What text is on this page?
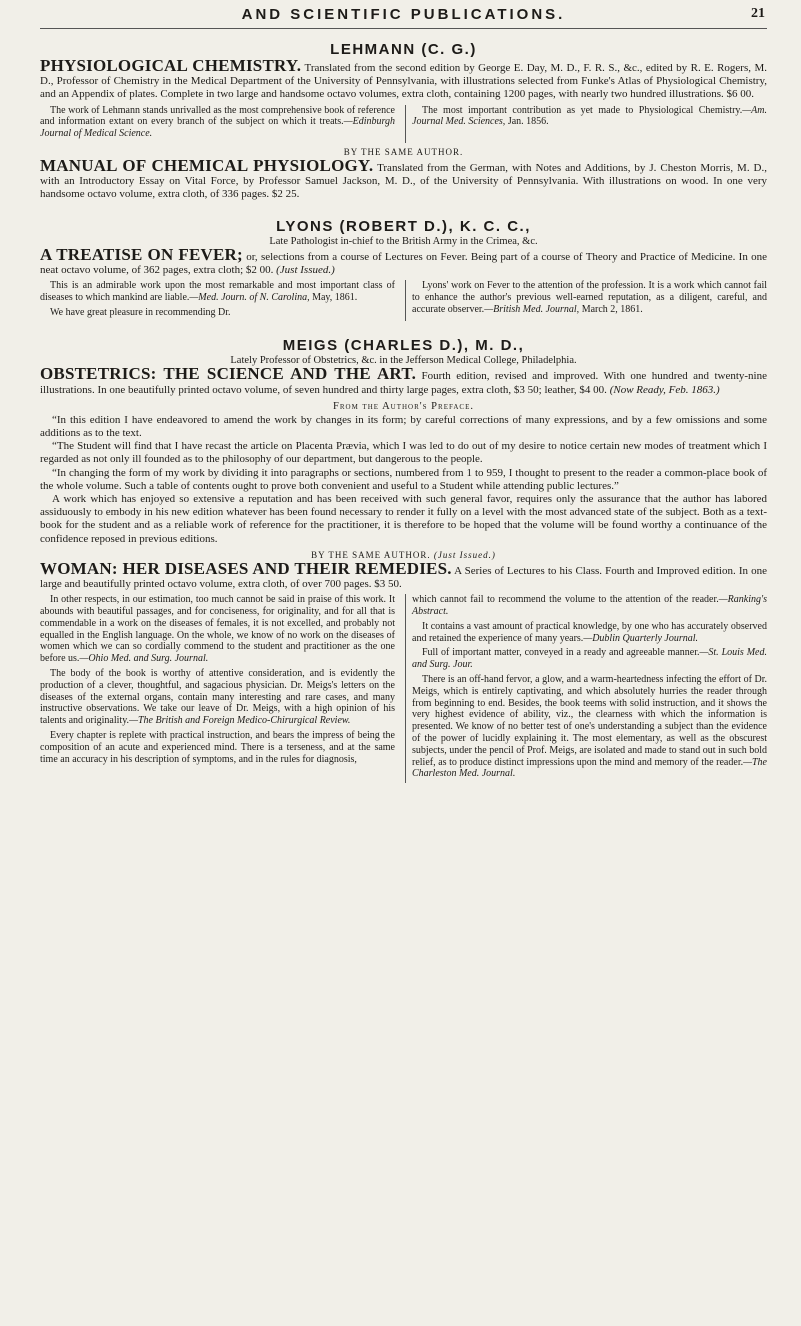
AND SCIENTIFIC PUBLICATIONS.	21
LEHMANN (C. G.)

PHYSIOLOGICAL CHEMISTRY. Translated from the second edition by George E. Day, M. D., F. R. S., &c., edited by R. E. Rogers, M. D., Professor of Chemistry in the Medical Department of the University of Pennsylvania, with illustrations selected from Funke's Atlas of Physiological Chemistry, and an Appendix of plates. Complete in two large and handsome octavo volumes, extra cloth, containing 1200 pages, with nearly two hundred illustrations. $6 00.

The work of Lehmann stands unrivalled as the most comprehensive book of reference and information extant on every branch of the subject on which it treats.—Edinburgh Journal of Medical Science.

The most important contribution as yet made to Physiological Chemistry.—Am. Journal Med. Sciences, Jan. 1856.

BY THE SAME AUTHOR.

MANUAL OF CHEMICAL PHYSIOLOGY. Translated from the German, with Notes and Additions, by J. Cheston Morris, M. D., with an Introductory Essay on Vital Force, by Professor Samuel Jackson, M. D., of the University of Pennsylvania. With illustrations on wood. In one very handsome octavo volume, extra cloth, of 336 pages. $2 25.

LYONS (ROBERT D.), K. C. C.,
Late Pathologist in-chief to the British Army in the Crimea, &c.

A TREATISE ON FEVER; or, selections from a course of Lectures on Fever. Being part of a course of Theory and Practice of Medicine. In one neat octavo volume, of 362 pages, extra cloth; $2 00. (Just Issued.)

This is an admirable work upon the most remarkable and most important class of diseases to which mankind are liable.—Med. Journ. of N. Carolina, May, 1861.

We have great pleasure in recommending Dr.

Lyons' work on Fever to the attention of the profession. It is a work which cannot fail to enhance the author's previous well-earned reputation, as a diligent, careful, and accurate observer.—British Med. Journal, March 2, 1861.

MEIGS (CHARLES D.), M. D.,
Lately Professor of Obstetrics, &c. in the Jefferson Medical College, Philadelphia.

OBSTETRICS: THE SCIENCE AND THE ART. Fourth edition, revised and improved. With one hundred and twenty-nine illustrations. In one beautifully printed octavo volume, of seven hundred and thirty large pages, extra cloth, $3 50; leather, $4 00. (Now Ready, Feb. 1863.)

From the Author's Preface.

“In this edition I have endeavored to amend the work by changes in its form; by careful corrections of many expressions, and by a few omissions and some additions as to the text.

“The Student will find that I have recast the article on Placenta Prævia, which I was led to do out of my desire to notice certain new modes of treatment which I regarded as not only ill founded as to the philosophy of our department, but dangerous to the people.

“In changing the form of my work by dividing it into paragraphs or sections, numbered from 1 to 959, I thought to present to the reader a common-place book of the whole volume. Such a table of contents ought to prove both convenient and useful to a Student while attending public lectures.”

A work which has enjoyed so extensive a reputation and has been received with such general favor, requires only the assurance that the author has labored assiduously to embody in his new edition whatever has been found necessary to render it fully on a level with the most advanced state of the subject. Both as a text-book for the student and as a reliable work of reference for the practitioner, it is therefore to be hoped that the volume will be found worthy a continuance of the confidence reposed in previous editions.

BY THE SAME AUTHOR. (Just Issued.)

WOMAN: HER DISEASES AND THEIR REMEDIES. A Series of Lectures to his Class. Fourth and Improved edition. In one large and beautifully printed octavo volume, extra cloth, of over 700 pages. $3 50.

In other respects, in our estimation, too much cannot be said in praise of this work. It abounds with beautiful passages, and for conciseness, for originality, and for all that is commendable in a work on the diseases of females, it is not excelled, and probably not equalled in the English language. On the whole, we know of no work on the diseases of women which we can so cordially commend to the student and practitioner as the one before us.—Ohio Med. and Surg. Journal.

The body of the book is worthy of attentive consideration, and is evidently the production of a clever, thoughtful, and sagacious physician. Dr. Meigs's letters on the diseases of the external organs, contain many interesting and rare cases, and many instructive observations. We take our leave of Dr. Meigs, with a high opinion of his talents and originality.—The British and Foreign Medico-Chirurgical Review.

Every chapter is replete with practical instruction, and bears the impress of being the composition of an acute and experienced mind. There is a terseness, and at the same time an accuracy in his description of symptoms, and in the rules for diagnosis,

which cannot fail to recommend the volume to the attention of the reader.—Ranking's Abstract.

It contains a vast amount of practical knowledge, by one who has accurately observed and retained the experience of many years.—Dublin Quarterly Journal.

Full of important matter, conveyed in a ready and agreeable manner.—St. Louis Med. and Surg. Jour.

There is an off-hand fervor, a glow, and a warm-heartedness infecting the effort of Dr. Meigs, which is entirely captivating, and which absolutely hurries the reader through from beginning to end. Besides, the book teems with solid instruction, and it shows the very highest evidence of ability, viz., the clearness with which the information is presented. We know of no better test of one's understanding a subject than the evidence of the power of lucidly explaining it. The most elementary, as well as the obscurest subjects, under the pencil of Prof. Meigs, are isolated and made to stand out in such bold relief, as to produce distinct impressions upon the mind and memory of the reader.—The Charleston Med. Journal.
